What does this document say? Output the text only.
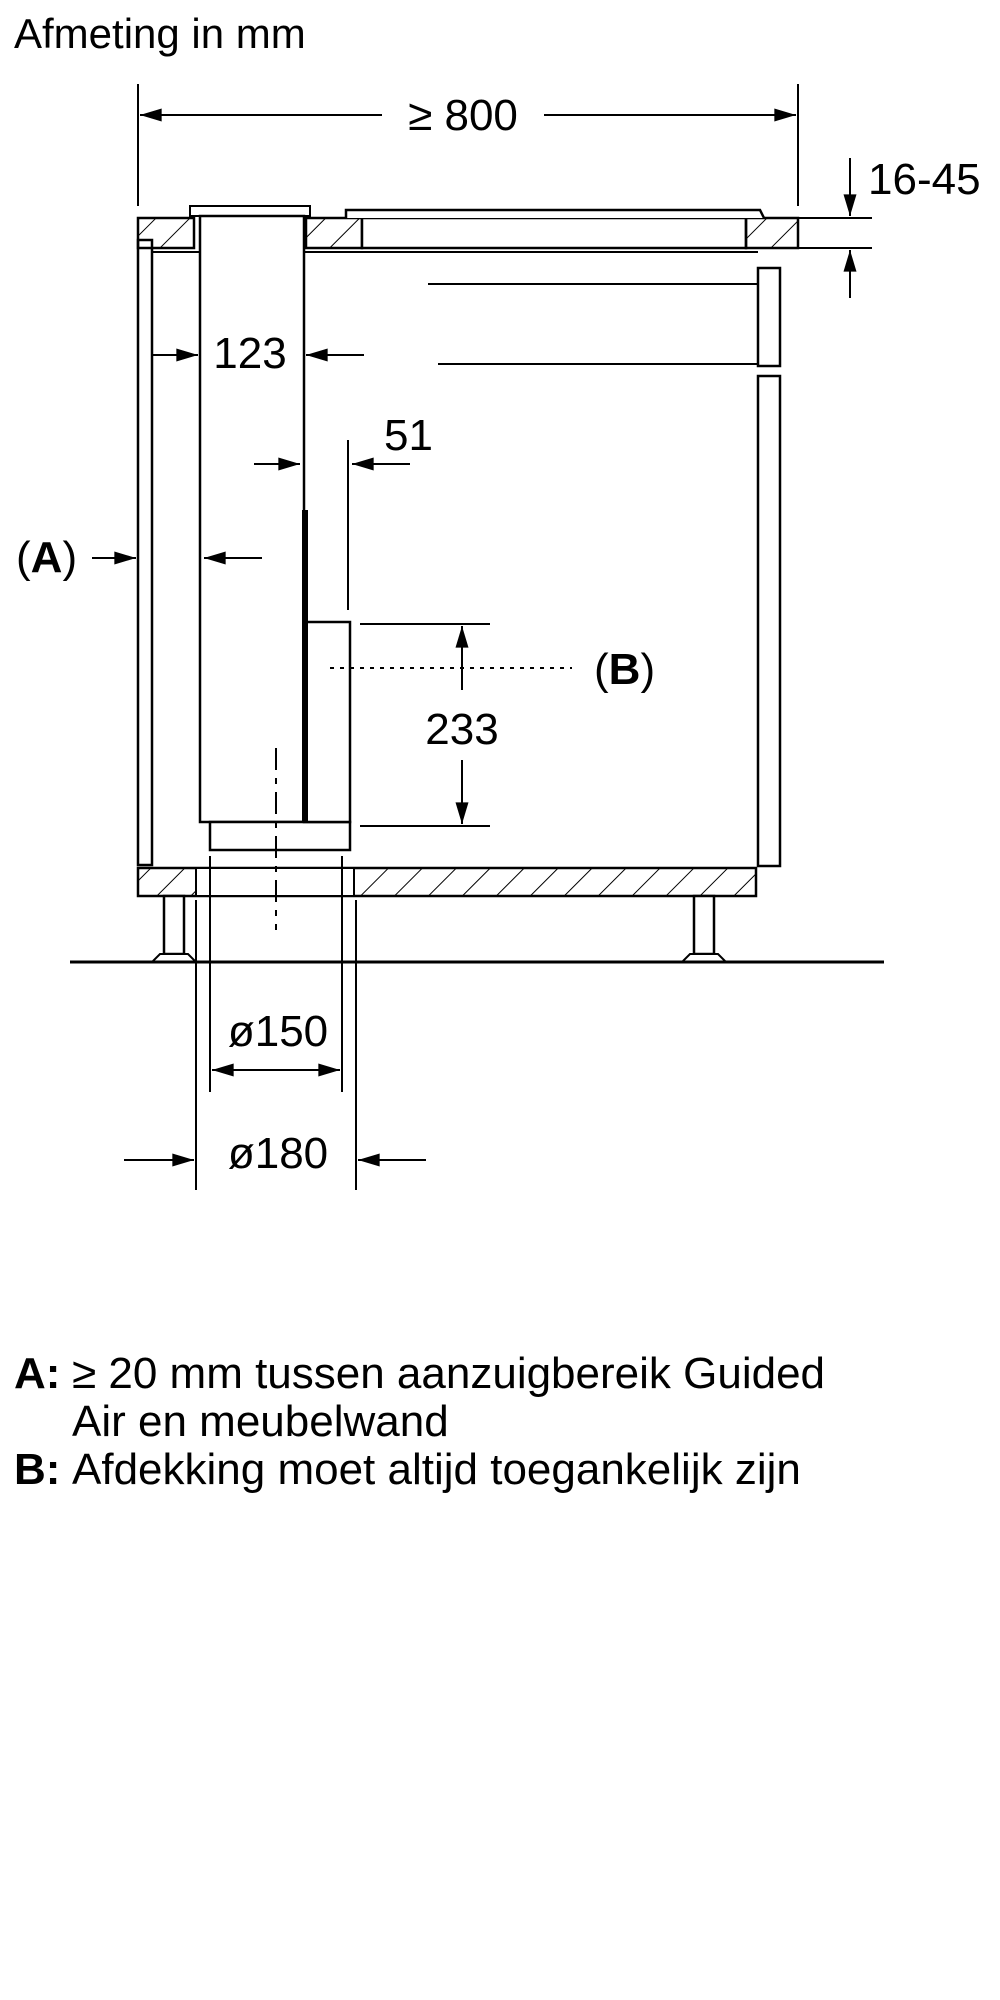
Afmeting in mm
≥ 800
16-45
123
51
(A)
233
(B)
ø150
ø180
A: ≥ 20 mm tussen aanzuigbereik Guided
Air en meubelwand
B: Afdekking moet altijd toegankelijk zijn
